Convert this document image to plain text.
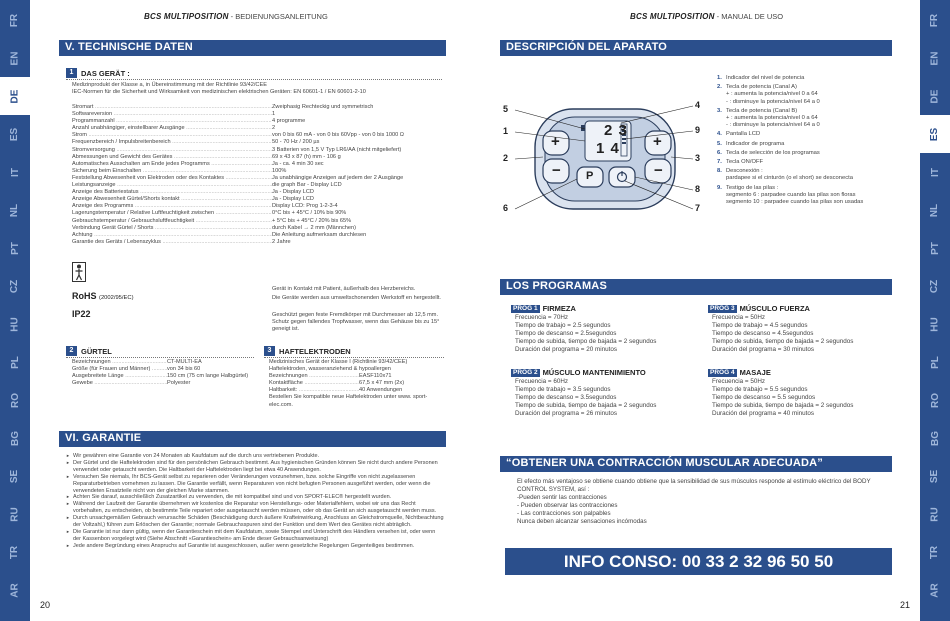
FR
EN
DE
ES
IT
NL
PT
CZ
HU
PL
RO
BG
SE
RU
TR
AR
FR
EN
DE
ES
IT
NL
PT
CZ
HU
PL
RO
BG
SE
RU
TR
AR
BCS MULTIPOSITION - BEDIENUNGSANLEITUNG
V. TECHNISCHE DATEN
1	DAS GERÄT :
Medizinprodukt der Klasse a, in Übereinstimmung mit der Richtlinie 93/42/CEE
IEC-Normen für die Sicherheit und Wirksamkeit von medizinischen elektrischen Geräten: EN 60601-1 / EN 60601-2-10
Stromart .....	Zweiphasig Rechteckig und symmetrisch
Softwareversion .....	1
Programmanzahl .....	4 programme
Anzahl unabhängiger, einstellbarer Ausgänge .....	2
Strom .....	von 0 bis 60 mA - von 0 bis 60Vpp - von 0 bis 1000 Ω
Frequenzbereich / Impulsbreitenbereich .....	50 - 70 Hz / 200 µs
Stromversorgung .....	3 Batterien von 1,5 V Typ LR6/AA (nicht mitgeliefert)
Abmessungen und Gewicht des Gerätes .....	69 x 43 x 87 (h) mm - 106 g
Automatisches Ausschalten am Ende jedes Programms .....	Ja - ca. 4 min 30 sec
Sicherung beim Einschalten .....	100%
Feststellung Abwesenheit von Elektroden oder des Kontaktes .....	Ja unabhängige Anzeigen auf jedem der 2 Ausgänge
Leistungsanzeige .....	die graph Bar - Display LCD
Anzeige des Batteriestatus .....	Ja - Display LCD
Anzeige Abwesenheit Gürtel/Shorts kontakt .....	Ja - Display LCD
Anzeige des Programms .....	Display LCD: Prog 1-2-3-4
Lagerungstemperatur / Relative Luftfeuchtigkeit zwischen .....	0°C bis + 45°C / 10% bis 90%
Gebrauchstemperatur / Gebrauchsluftfeuchtigkeit .....	+ 5°C bis + 45°C / 20% bis 65%
Verbindung Gerät Gürtel / Shorts .....	durch Kabel → 2 mm (Männchen)
Achtung .....	Die Anleitung aufmerksam durchlesen
Garantie des Geräts / Lebenszyklus .....	2 Jahre
Gerät in Kontakt mit Patient, äußerhalb des Herzbereichs.
RoHS (2002/95/EC)	Die Geräte werden aus umweltschonenden Werkstoff en hergestellt.
IP22	Geschützt gegen feste Fremdkörper mit Durchmesser ab 12,5 mm. Schutz gegen fallendes Tropfwasser, wenn das Gehäuse bis zu 15° geneigt ist.
2	GÜRTEL
Bezeichnungen .....	CT-MULTI-EA
Größe (für Frauen und Männer) .....	von 34 bis 60
Ausgebreitete Länge .....	150 cm (75 cm lange Halbgürtel)
Gewebe .....	Polyester
3	HAFTELEKTRODEN
Medizinisches Gerät der Klasse I (Richtlinie 93/42/CEE)
Haftelektroden, wasseranziehend & hypoallergen
Bezeichnungen .....	EASF110x71
Kontaktfläche .....	67,5 x 47 mm (2x)
Haltbarkeit: .....	40 Anwendungen
Bestellen Sie kompatible neue Haftelektroden unter www. sport-elec.com.
VI. GARANTIE

► Wir gewähren eine Garantie von 24 Monaten ab Kaufdatum auf die durch uns vertriebenen Produkte.

► Der Gürtel und die Haftelektroden sind für den persönlichen Gebrauch bestimmt. Aus hygienischen Gründen können Sie nicht durch andere Personen verwendet oder getauscht werden. Die Haltbarkeit der Haftelektroden liegt bei etwa 40 Anwendungen.

► Versuchen Sie niemals, Ihr BCS-Gerät selbst zu reparieren oder Veränderungen vorzunehmen, bzw. solche Eingriffe von nicht zugelassenen Reparaturbetrieben vornehmen zu lassen. Die Garantie verfällt, wenn Reparaturen von nicht befugten Personen ausgeführt werden, oder wenn die verwendeten Ersatzteile nicht von der gleichen Marke stammen.

► Achten Sie darauf, ausschließlich Zusatzartikel zu verwenden, die mit kompatibel sind und von SPORT-ELEC® hergestellt wurden.

► Während der Laufzeit der Garantie übernehmen wir kostenlos die Reparatur von Herstellungs- oder Materialfehlern, wobei wir uns das Recht vorbehalten, zu entscheiden, ob bestimmte Teile repariert oder ausgetauscht werden müssen, oder ob das Gerät an sich ausgetauscht werden muss.

► Durch unsachgemäßen Gebrauch verursachte Schäden (Beschädigung durch äußere Krafteinwirkung, Anschluss an Gleichstromquelle, Nichtbeachtung der Voltzahl,) führen zum Erlöschen der Garantie; normale Gebrauchsspuren sind der Funktion und dem Wert des Gerätes nicht abträglich.

► Die Garantie ist nur dann gültig, wenn der Garantieschein mit dem Kaufdatum, sowie Stempel und Unterschrift des Händlers versehen ist, oder wenn der Kassenbon vorgelegt wird (Siehe Abschnitt «Garantieschein» am Ende dieser Gebrauchsanweisung)

► Jede andere Begründung eines Anspruchs auf Garantie ist ausgeschlossen, außer wenn gesetzliche Regelungen Gegenteiliges bestimmen.

20
BCS MULTIPOSITION - MANUAL DE USO
DESCRIPCIÓN DEL APARATO
2 3
1 4
+
−
+
−
P
5
1
2
6
4
9
3
8
7
1. Indicador del nivel de potencia
2. Tecla de potencia (Canal A)
+ : aumenta la potencia/nivel 0 a 64
- : disminuye la potencia/nivel 64 a 0
3. Tecla de potencia (Canal B)
+ : aumenta la potencia/nivel 0 a 64
- : disminuye la potencia/nivel 64 a 0
4. Pantalla LCD
5. Indicador de programa
6. Tecla de selección de los programas
7. Tecla ON/OFF
8. Desconexión :
pardapee si el cinturón (o el short) se desconecta
9. Testigo de las pilas :
segmento 6 : parpadee cuando las pilas son floras
segmento 10 : parpadee cuando las pilas son usadas
LOS PROGRAMAS
PROG 1 FIRMEZA
Frecuencia = 70Hz
Tiempo de trabajo = 2.5 segundos
Tiempo de descanso = 2.5segundos
Tiempo de subida, tiempo de bajada = 2 segundos
Duración del programa = 20 minutos
PROG 2 MÚSCULO MANTENIMIENTO
Frecuencia = 60Hz
Tiempo de trabajo = 3.5 segundos
Tiempo de descanso = 3.5segundos
Tiempo de subida, tiempo de bajada = 2 segundos
Duración del programa = 26 minutos
PROG 3 MÚSCULO FUERZA
Frecuencia = 50Hz
Tiempo de trabajo = 4.5 segundos
Tiempo de descanso = 4.5segundos
Tiempo de subida, tiempo de bajada = 2 segundos
Duración del programa = 30 minutos
PROG 4 MASAJE
Frecuencia = 50Hz
Tiempo de trabajo = 5.5 segundos
Tiempo de descanso = 5.5 segundos
Tiempo de subida, tiempo de bajada = 2 segundos
Duración del programa = 40 minutos
“OBTENER UNA CONTRACCIÓN MUSCULAR ADECUADA”
El efecto más ventajoso se obtiene cuando obtiene que la sensibilidad de sus músculos responde al estímulo eléctrico del BODY CONTROL SYSTEM, así :
-Pueden sentir las contracciones
- Pueden observar las contracciones
- Las contracciones son palpables
Nunca deben alcanzar sensaciones incómodas
INFO CONSO: 00 33 2 32 96 50 50
21
